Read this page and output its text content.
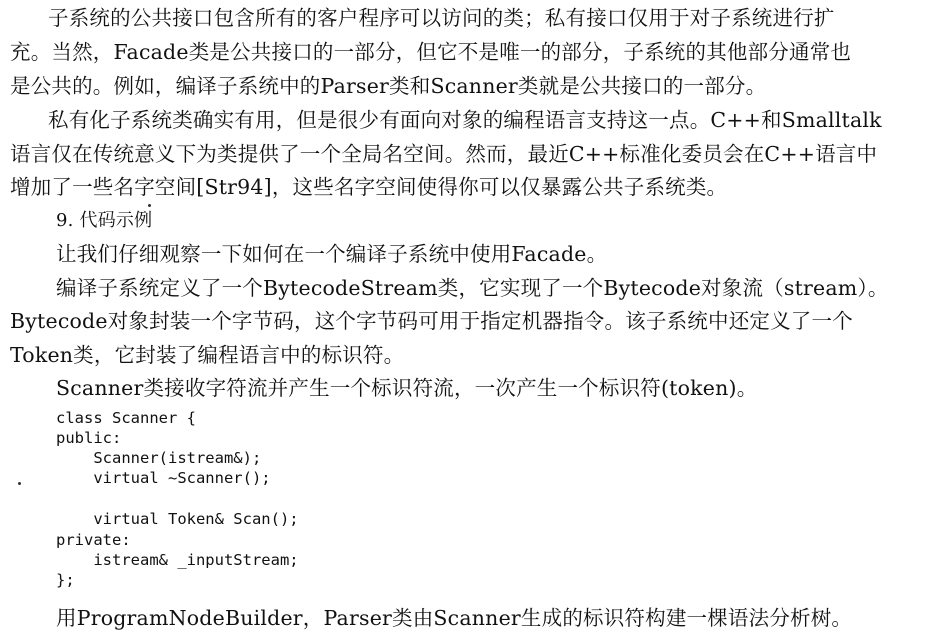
子系统的公共接口包含所有的客户程序可以访问的类；私有接口仅用于对子系统进行扩
充。当然，Facade类是公共接口的一部分，但它不是唯一的部分，子系统的其他部分通常也
是公共的。例如，编译子系统中的Parser类和Scanner类就是公共接口的一部分。
私有化子系统类确实有用，但是很少有面向对象的编程语言支持这一点。C++和Smalltalk
语言仅在传统意义下为类提供了一个全局名空间。然而，最近C++标准化委员会在C++语言中
增加了一些名字空间[Str94]，这些名字空间使得你可以仅暴露公共子系统类。
9. 代码示例
让我们仔细观察一下如何在一个编译子系统中使用Facade。
编译子系统定义了一个BytecodeStream类，它实现了一个Bytecode对象流（stream）。
Bytecode对象封装一个字节码，这个字节码可用于指定机器指令。该子系统中还定义了一个
Token类，它封装了编程语言中的标识符。
Scanner类接收字符流并产生一个标识符流，一次产生一个标识符(token)。
class Scanner {
public:
Scanner(istream&);
virtual ~Scanner();
virtual Token& Scan();
private:
istream& _inputStream;
};
用ProgramNodeBuilder，Parser类由Scanner生成的标识符构建一棵语法分析树。
